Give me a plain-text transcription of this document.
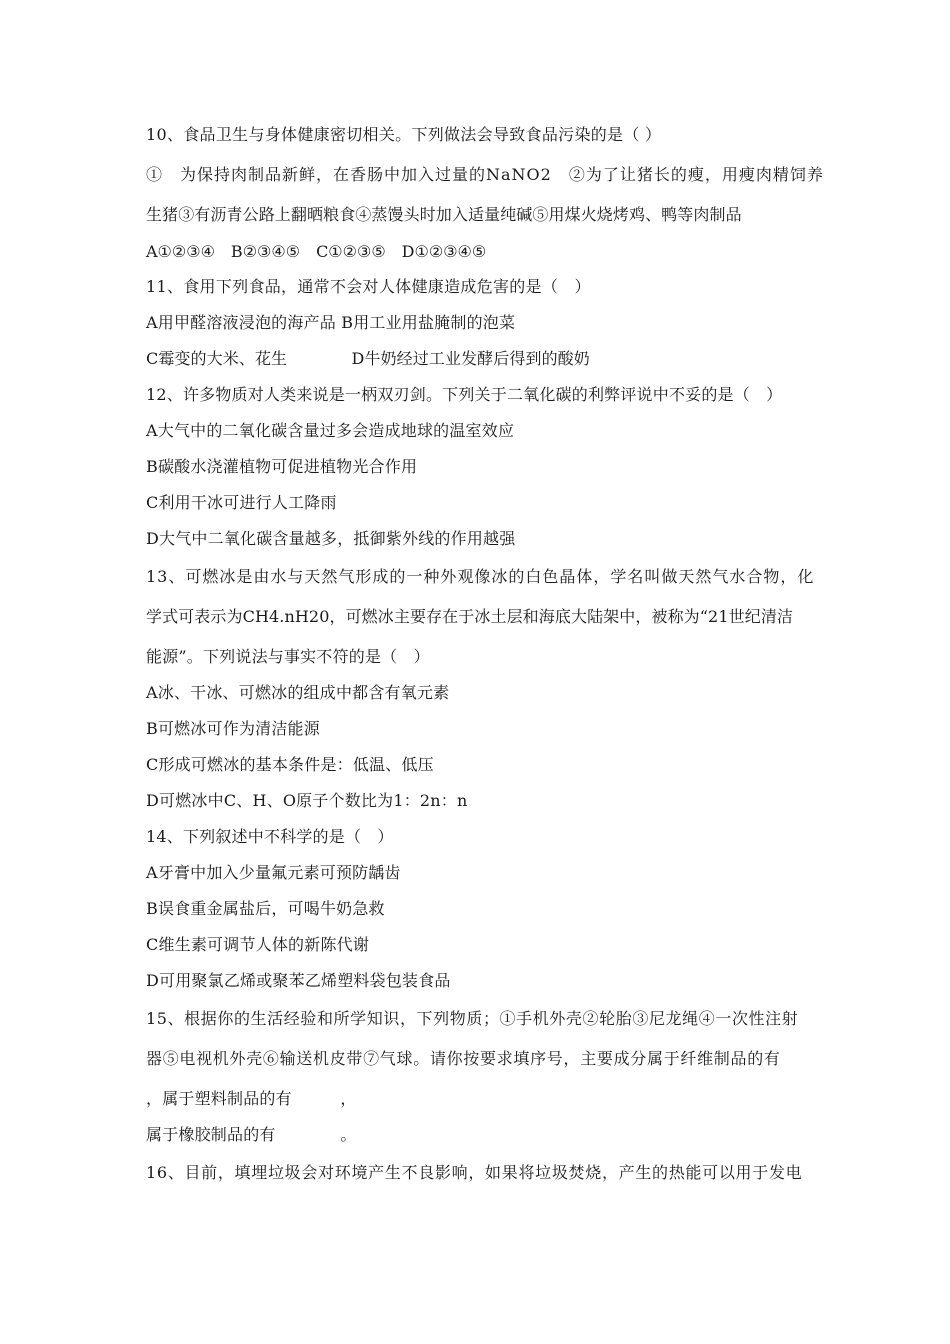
10、食品卫生与身体健康密切相关。下列做法会导致食品污染的是（ ）
①　为保持肉制品新鲜，在香肠中加入过量的NaNO2　②为了让猪长的瘦，用瘦肉精饲养
生猪③有沥青公路上翻晒粮食④蒸馒头时加入适量纯碱⑤用煤火烧烤鸡、鸭等肉制品
A①②③④　B②③④⑤　C①②③⑤　D①②③④⑤
11、食用下列食品，通常不会对人体健康造成危害的是（　）
A用甲醛溶液浸泡的海产品 B用工业用盐腌制的泡菜
C霉变的大米、花生　　　　D牛奶经过工业发酵后得到的酸奶
12、许多物质对人类来说是一柄双刃剑。下列关于二氧化碳的利弊评说中不妥的是（　）
A大气中的二氧化碳含量过多会造成地球的温室效应
B碳酸水浇灌植物可促进植物光合作用
C利用干冰可进行人工降雨
D大气中二氧化碳含量越多，抵御紫外线的作用越强
13、可燃冰是由水与天然气形成的一种外观像冰的白色晶体，学名叫做天然气水合物，化
学式可表示为CH4.nH20，可燃冰主要存在于冰土层和海底大陆架中，被称为“21世纪清洁
能源”。下列说法与事实不符的是（　）
A冰、干冰、可燃冰的组成中都含有氧元素
B可燃冰可作为清洁能源
C形成可燃冰的基本条件是：低温、低压
D可燃冰中C、H、O原子个数比为1：2n：n
14、下列叙述中不科学的是（　）
A牙膏中加入少量氟元素可预防龋齿
B误食重金属盐后，可喝牛奶急救
C维生素可调节人体的新陈代谢
D可用聚氯乙烯或聚苯乙烯塑料袋包装食品
15、根据你的生活经验和所学知识，下列物质；①手机外壳②轮胎③尼龙绳④一次性注射
器⑤电视机外壳⑥输送机皮带⑦气球。请你按要求填序号，主要成分属于纤维制品的有
，属于塑料制品的有　　　，
属于橡胶制品的有　　　　。
16、目前，填埋垃圾会对环境产生不良影响，如果将垃圾焚烧，产生的热能可以用于发电
